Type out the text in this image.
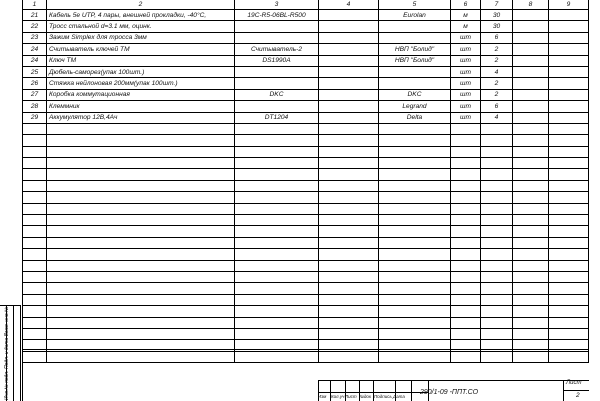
1	2	3	4	5	6	7	8	9
21	Кабель 5е UTP, 4 пары, внешней прокладки, -40°С,	19С-R5-06BL-R500		Eurolan	м	30		
22	Тросс стальной d=3.1 мм, оцинк.				м	30		
23	Зажим Simplex для тросса 3мм				шт	6		
24	Считыватель ключей ТМ	Считыватель-2		НВП "Болид"	шт	2		
24	Ключ ТМ	DS1990A		НВП "Болид"	шт	2		
25	Дюбель-саморез(упак 100шт.)				шт	4		
26	Стяжка нейлоновая 200мм(упак 100шт.)				шт	2		
27	Коробка коммутационная	DKC		DKC	шт	2		
28	Клеммник			Legrand	шт	6		
29	Аккумулятор 12В,4Ач	DT1204		Delta	шт	4		

Инв.№ подл. Подп. и дата Взам. инв.№	290/1-09 -ППТ.СО
Лист
2
Изм Кол.уч Лист №док Подпись Дата
